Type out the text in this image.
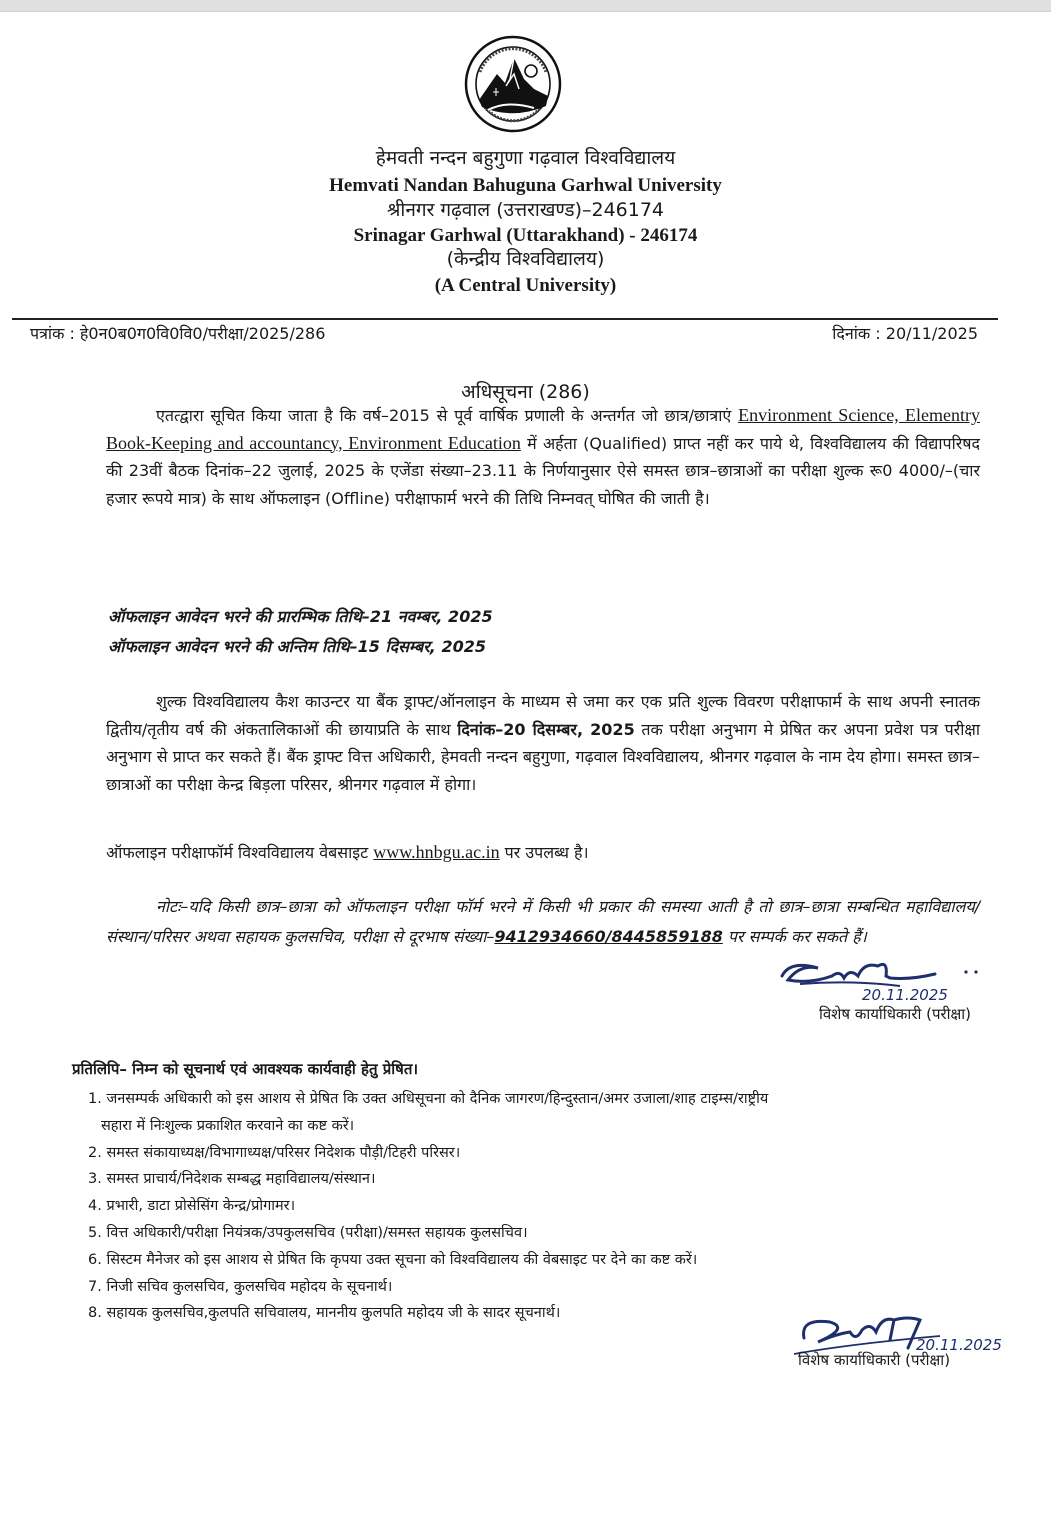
हेमवती नन्दन बहुगुणा गढ़वाल विश्वविद्यालय
Hemvati Nandan Bahuguna Garhwal University
श्रीनगर गढ़वाल (उत्तराखण्ड)–246174
Srinagar Garhwal (Uttarakhand) - 246174
(केन्द्रीय विश्वविद्यालय)
(A Central University)
पत्रांक : हे0न0ब0ग0वि0वि0/परीक्षा/2025/286	दिनांक : 20/11/2025
अधिसूचना (286)
एतत्द्वारा सूचित किया जाता है कि वर्ष–2015 से पूर्व वार्षिक प्रणाली के अन्तर्गत जो छात्र/छात्राएं Environment Science, Elementry Book-Keeping and accountancy, Environment Education में अर्हता (Qualified) प्राप्त नहीं कर पाये थे, विश्वविद्यालय की विद्यापरिषद की 23वीं बैठक दिनांक–22 जुलाई, 2025 के एजेंडा संख्या–23.11 के निर्णयानुसार ऐसे समस्त छात्र–छात्राओं का परीक्षा शुल्क रू0 4000/–(चार हजार रूपये मात्र) के साथ ऑफलाइन (Offline) परीक्षाफार्म भरने की तिथि निम्नवत् घोषित की जाती है।
ऑफलाइन आवेदन भरने की प्रारम्भिक तिथि–21 नवम्बर, 2025
ऑफलाइन आवेदन भरने की अन्तिम तिथि–15 दिसम्बर, 2025
शुल्क विश्वविद्यालय कैश काउन्टर या बैंक ड्राफ्ट/ऑनलाइन के माध्यम से जमा कर एक प्रति शुल्क विवरण परीक्षाफार्म के साथ अपनी स्नातक द्वितीय/तृतीय वर्ष की अंकतालिकाओं की छायाप्रति के साथ दिनांक–20 दिसम्बर, 2025 तक परीक्षा अनुभाग मे प्रेषित कर अपना प्रवेश पत्र परीक्षा अनुभाग से प्राप्त कर सकते हैं। बैंक ड्राफ्ट वित्त अधिकारी, हेमवती नन्दन बहुगुणा, गढ़वाल विश्वविद्यालय, श्रीनगर गढ़वाल के नाम देय होगा। समस्त छात्र–छात्राओं का परीक्षा केन्द्र बिड़ला परिसर, श्रीनगर गढ़वाल में होगा।
ऑफलाइन परीक्षाफॉर्म विश्वविद्यालय वेबसाइट www.hnbgu.ac.in पर उपलब्ध है।
नोटः–यदि किसी छात्र–छात्रा को ऑफलाइन परीक्षा फॉर्म भरने में किसी भी प्रकार की समस्या आती है तो छात्र–छात्रा सम्बन्धित महाविद्यालय/संस्थान/परिसर अथवा सहायक कुलसचिव, परीक्षा से दूरभाष संख्या–9412934660/8445859188 पर सम्पर्क कर सकते हैं।
20.11.2025
विशेष कार्याधिकारी (परीक्षा)
प्रतिलिपि– निम्न को सूचनार्थ एवं आवश्यक कार्यवाही हेतु प्रेषित।
1. जनसम्पर्क अधिकारी को इस आशय से प्रेषित कि उक्त अधिसूचना को दैनिक जागरण/हिन्दुस्तान/अमर उजाला/शाह टाइम्स/राष्ट्रीय
सहारा में निःशुल्क प्रकाशित करवाने का कष्ट करें।
2. समस्त संकायाध्यक्ष/विभागाध्यक्ष/परिसर निदेशक पौड़ी/टिहरी परिसर।
3. समस्त प्राचार्य/निदेशक सम्बद्ध महाविद्यालय/संस्थान।
4. प्रभारी, डाटा प्रोसेसिंग केन्द्र/प्रोगामर।
5. वित्त अधिकारी/परीक्षा नियंत्रक/उपकुलसचिव (परीक्षा)/समस्त सहायक कुलसचिव।
6. सिस्टम मैनेजर को इस आशय से प्रेषित कि कृपया उक्त सूचना को विश्वविद्यालय की वेबसाइट पर देने का कष्ट करें।
7. निजी सचिव कुलसचिव, कुलसचिव महोदय के सूचनार्थ।
8. सहायक कुलसचिव,कुलपति सचिवालय, माननीय कुलपति महोदय जी के सादर सूचनार्थ।
20.11.2025
विशेष कार्याधिकारी (परीक्षा)
